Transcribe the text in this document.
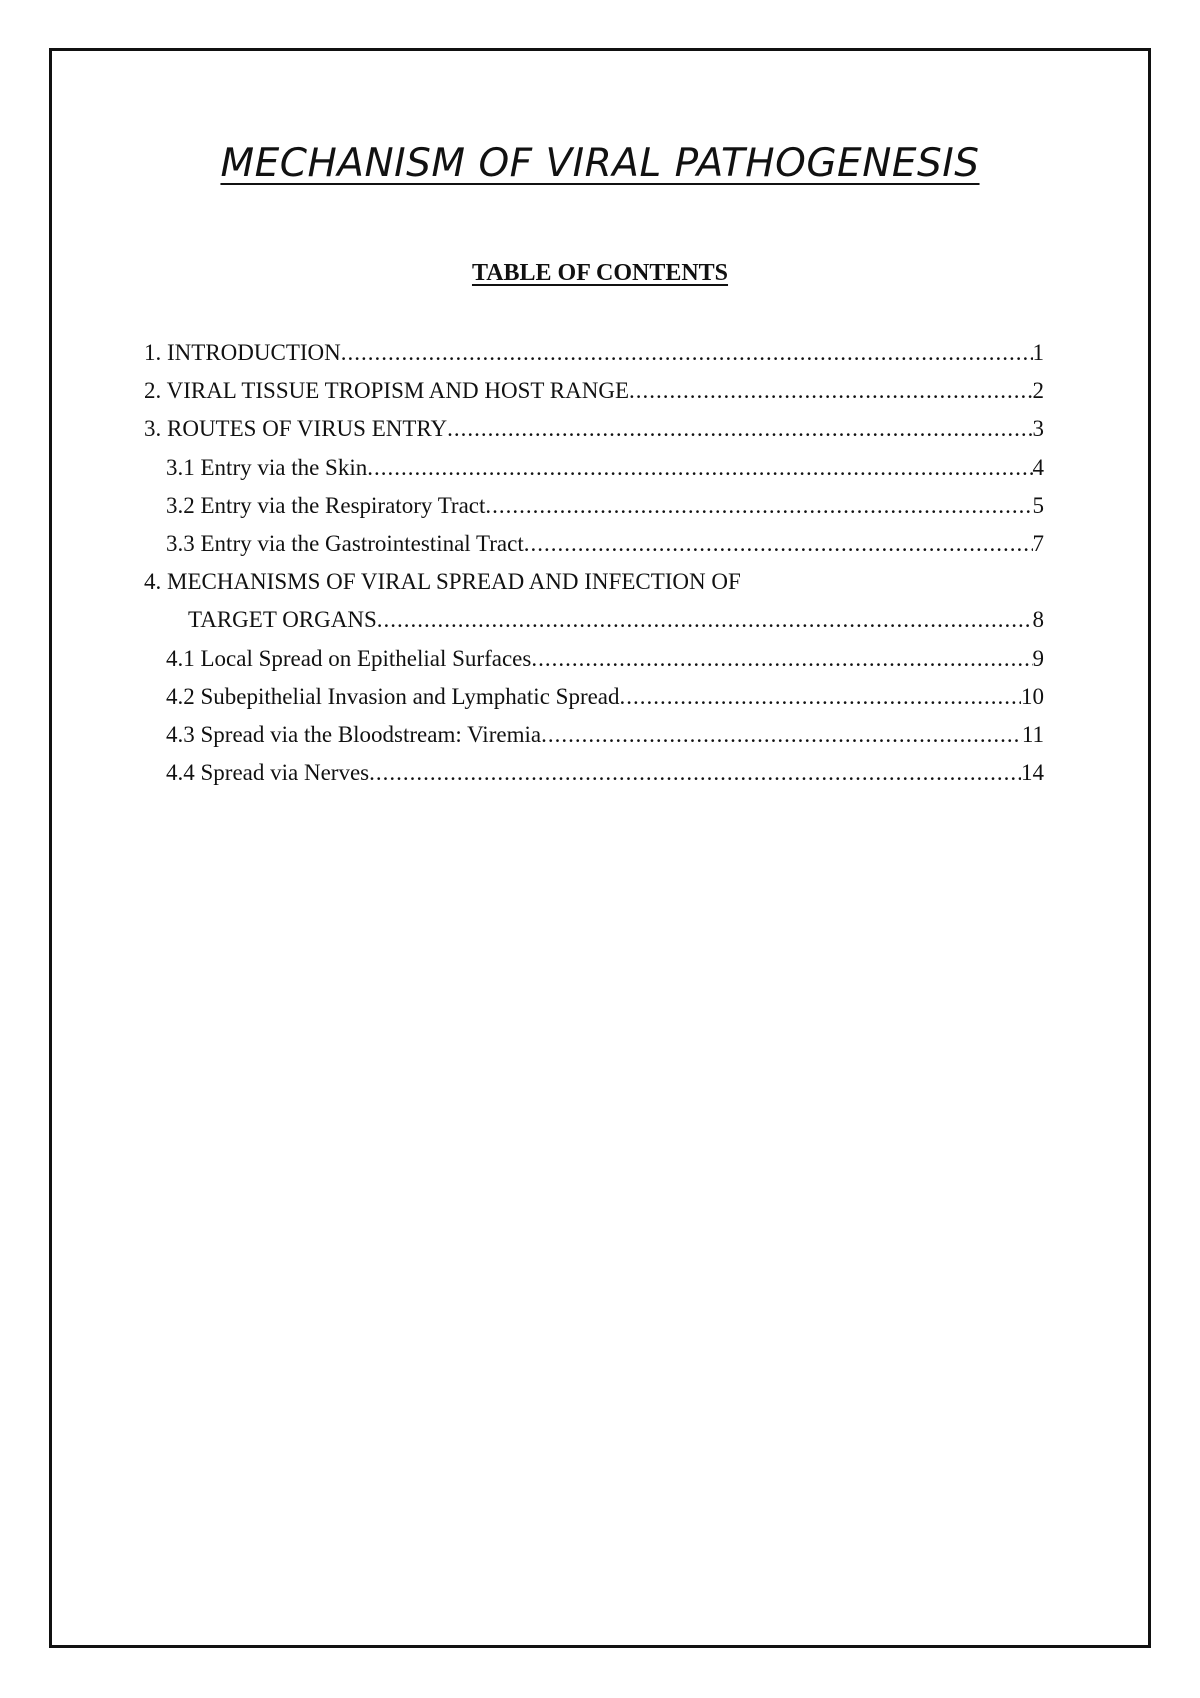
MECHANISM OF VIRAL PATHOGENESIS
TABLE OF CONTENTS
1. INTRODUCTION .....	1
2. VIRAL TISSUE TROPISM AND HOST RANGE .....	2
3. ROUTES OF VIRUS ENTRY .....	3
3.1 Entry via the Skin .....	4
3.2 Entry via the Respiratory Tract .....	5
3.3 Entry via the Gastrointestinal Tract .....	7
4. MECHANISMS OF VIRAL SPREAD AND INFECTION OF
TARGET ORGANS .....	8
4.1 Local Spread on Epithelial Surfaces .....	9
4.2 Subepithelial Invasion and Lymphatic Spread .....	10
4.3 Spread via the Bloodstream: Viremia .....	11
4.4 Spread via Nerves .....	14
